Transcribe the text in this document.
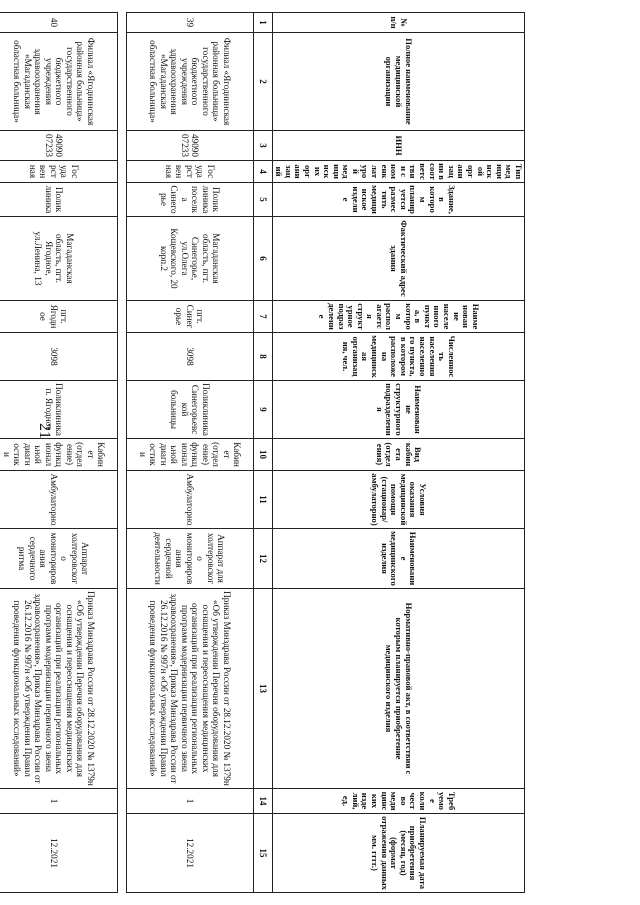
21
№ п/п	Полное наименование медицинской организации	ИНН	Тип медицинской организации в соответствии с номенклатурой медицинских организаций	Здание, в котором планируется разместить медицинское изделие	Фактический адрес здания	Наименование населенного пункта, в котором располагается структурное подразделение	Численность населения населенного пункта, в котором расположена медицинская организация, чел.	Наименование структурного подразделения	Вид кабинета (отделения)	Условия оказания медицинской помощи (стационар/амбулаторно)	Наименование медицинского изделия	Нормативно-правовой акт, в соответствии с которым планируется приобретение медицинского изделия	Требуемое количество медицинских изделий, ед.	Планируемая дата приобретения (месяц, год) (формат отражения данных мм. гггг.)
1	2	3	4	5	6	7	8	9	10	11	12	13	14	15
39	Филиал «Ягоднинская районная больница» государственного бюджетного учреждения здравоохранения «Магаданская областная больница»	4909007233	Государственная	Поликлиника поселка Синегорье	Магаданская область, пгт. Синегорье, ул.Олега Кощевского, 20 корп.2	пгт. Синегорье	3098	Поликлиника Синегорьевской больницы	Кабинет (отделение) функциональной диагностики	Амбулаторно	Аппарат для холтеровского мониторирования сердечной деятельности	Приказ Минздрава России от 28.12.2020 № 1379н «Об утверждении Перечня оборудования для оснащения и переоснащения медицинских организаций при реализации региональных программ модернизации первичного звена здравоохранения», Приказ Минздрава России от 26.12.2016 № 997н «Об утверждении Правил проведения функциональных исследований»	1	12.2021

40	Филиал «Ягоднинская районная больница» государственного бюджетного учреждения здравоохранения «Магаданская областная больница»	4909007233	Государственная	Поликлиника	Магаданская область, пгт. Ягодное, ул.Ленина, 13	пгт. Ягодное	3098	Поликлиника п. Ягодное	Кабинет (отделение) функциональной диагностики	Амбулаторно	Аппарат холтеровского мониторирования сердечного ритма	Приказ Минздрава России от 28.12.2020 № 1379н «Об утверждении Перечня оборудования для оснащения и переоснащения медицинских организаций при реализации региональных программ модернизации первичного звена здравоохранения», Приказ Минздрава России от 26.12.2016 № 997н «Об утверждении Правил проведения функциональных исследований»	1	12.2021
